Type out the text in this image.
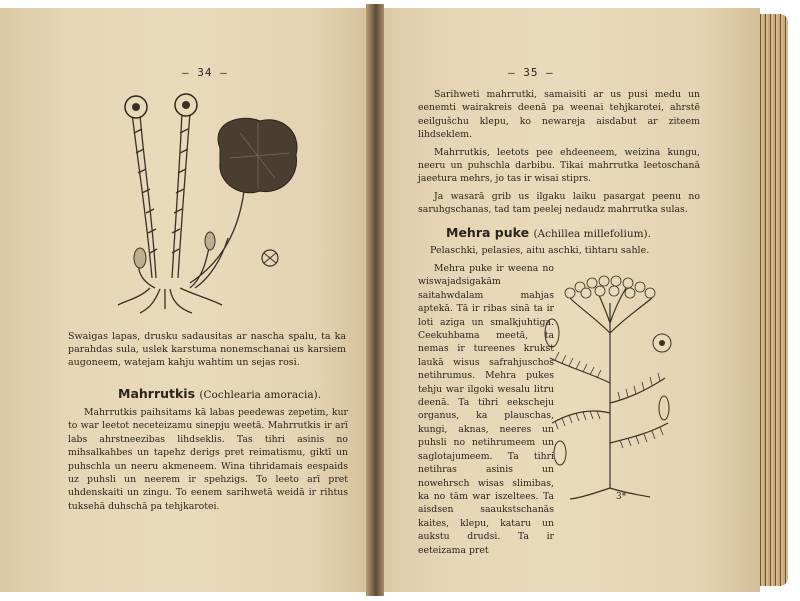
— 34 —
Swaigas lapas, drusku sadausitas ar nascha spalu, ta ka parahdas sula, uslek karstuma nonemschanai us karsiem augoneem, watejam kahju wahtim un sejas rosi.
Mahrrutkis (Cochlearia amoracia).

Mahrrutkis paihsitams kā labas peedewas zepetim, kur to war leetot neceteizamu sinepju weetā. Mahrrutkis ir arī labs ahrstneezibas lihdseklis. Tas tihri asinis no mihsalkahbes un tapehz derigs pret reimatismu, giktī un puhschla un neeru akmeneem. Wina tihridamais eespaids uz puhsli un neerem ir spehzigs. To leeto arī pret uhdenskaiti un zingu. To eenem sarihwetā weidā ir rihtus tuksehā duhschā pa tehjkarotei.

— 35 —

Sarihweti mahrrutki, samaisiti ar us pusi medu un eenemti wairakreis deenā pa weenai tehjkarotei, ahrstē eeilgušchu klepu, ko newareja aisdabut ar ziteem lihdseklem.

Mahrrutkis, leetots pee ehdeeneem, weizina kungu, neeru un puhschla darbibu. Tikai mahrrutka leetoschanā jaeetura mehrs, jo tas ir wisai stiprs.

Ja wasarā grib us ilgaku laiku pasargat peenu no saruhgschanas, tad tam peelej nedaudz mahrrutka sulas.

Mehra puke (Achillea millefolium).
Pelaschki, pelasies, aitu aschki, tihtaru sahle.

Mehra puke ir weena no wiswajadsigakām saitahwdalam mahjas aptekā. Tā ir ribas sinā ta ir loti aziga un smalkjuhtiga. Ceekuhbama meetā, ta nemas ir tureenes krukst laukā wisus safrahjuschos netihrumus. Mehra pukes tehju war ilgoki wesalu litru deenā. Ta tihri eekscheju organus, ka plauschas, kungi, aknas, neeres un puhsli no netihrumeem un saglotajumeem. Ta tihri netihras asinis un nowehrsch wisas slimibas, ka no tām war iszeltees. Ta aisdsen saaukstschanās kaites, klepu, kataru un aukstu drudsi. Ta ir eeteizama pret

3*
